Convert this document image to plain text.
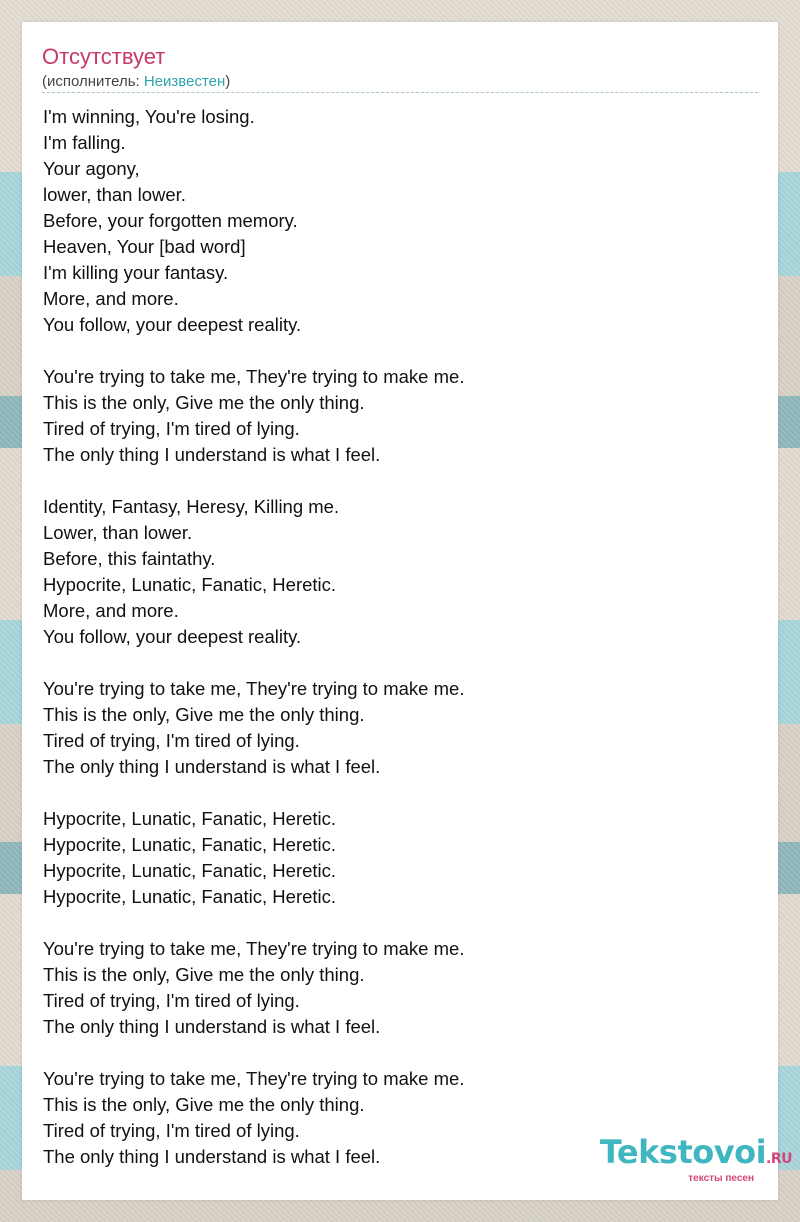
Отсутствует
(исполнитель: Неизвестен)
I'm winning, You're losing.
I'm falling.
Your agony,
lower, than lower.
Before, your forgotten memory.
Heaven, Your [bad word]
I'm killing your fantasy.
More, and more.
You follow, your deepest reality.
You're trying to take me, They're trying to make me.
This is the only, Give me the only thing.
Tired of trying, I'm tired of lying.
The only thing I understand is what I feel.
Identity, Fantasy, Heresy, Killing me.
Lower, than lower.
Before, this faintathy.
Hypocrite, Lunatic, Fanatic, Heretic.
More, and more.
You follow, your deepest reality.
You're trying to take me, They're trying to make me.
This is the only, Give me the only thing.
Tired of trying, I'm tired of lying.
The only thing I understand is what I feel.
Hypocrite, Lunatic, Fanatic, Heretic.
Hypocrite, Lunatic, Fanatic, Heretic.
Hypocrite, Lunatic, Fanatic, Heretic.
Hypocrite, Lunatic, Fanatic, Heretic.
You're trying to take me, They're trying to make me.
This is the only, Give me the only thing.
Tired of trying, I'm tired of lying.
The only thing I understand is what I feel.
You're trying to take me, They're trying to make me.
This is the only, Give me the only thing.
Tired of trying, I'm tired of lying.
The only thing I understand is what I feel.	Tekstovoi.RU
тексты песен
